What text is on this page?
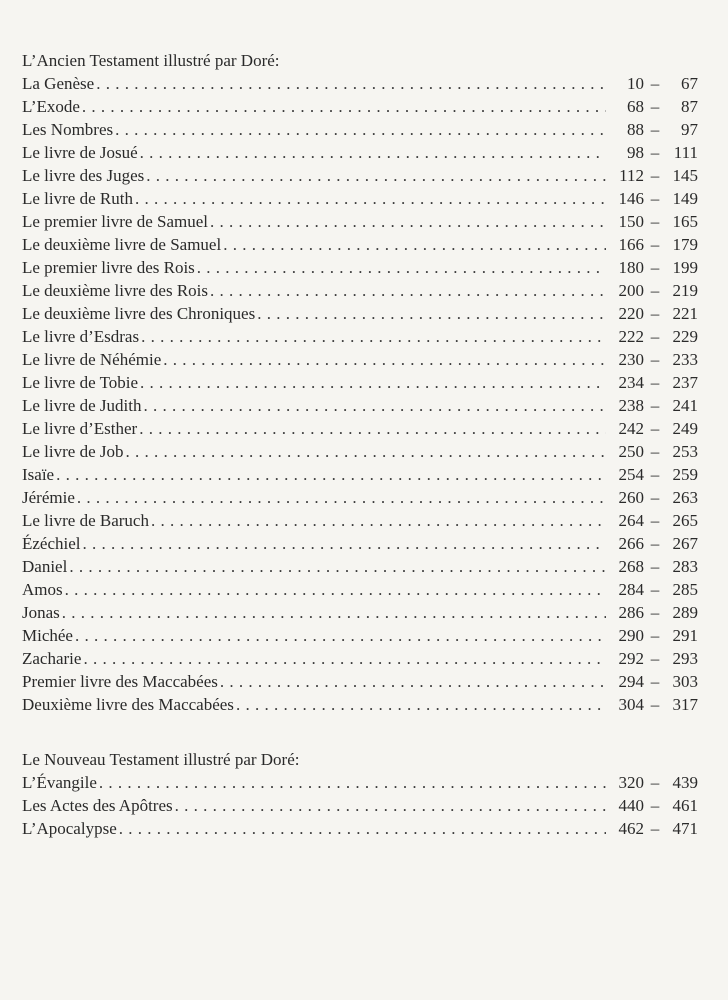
L’Ancien Testament illustré par Doré:
La Genèse . . .	10 –	67
L’Exode . . .	68 –	87
Les Nombres . . .	88 –	97
Le livre de Josué . . .	98 – 111
Le livre des Juges . . .	112 – 145
Le livre de Ruth . . .	146 – 149
Le premier livre de Samuel . . .	150 – 165
Le deuxième livre de Samuel . . .	166 – 179
Le premier livre des Rois . . .	180 – 199
Le deuxième livre des Rois . . .	200 – 219
Le deuxième livre des Chroniques . . .	220 – 221
Le livre d’Esdras . . .	222 – 229
Le livre de Néhémie . . .	230 – 233
Le livre de Tobie . . .	234 – 237
Le livre de Judith . . .	238 – 241
Le livre d’Esther . . .	242 – 249
Le livre de Job . . .	250 – 253
Isaïe . . .	254 – 259
Jérémie . . .	260 – 263
Le livre de Baruch . . .	264 – 265
Ézéchiel . . .	266 – 267
Daniel . . .	268 – 283
Amos . . .	284 – 285
Jonas . . .	286 – 289
Michée . . .	290 – 291
Zacharie . . .	292 – 293
Premier livre des Maccabées . . .	294 – 303
Deuxième livre des Maccabées . . .	304 – 317
Le Nouveau Testament illustré par Doré:
L’Évangile . . .	320 – 439
Les Actes des Apôtres . . .	440 – 461
L’Apocalypse . . .	462 – 471
